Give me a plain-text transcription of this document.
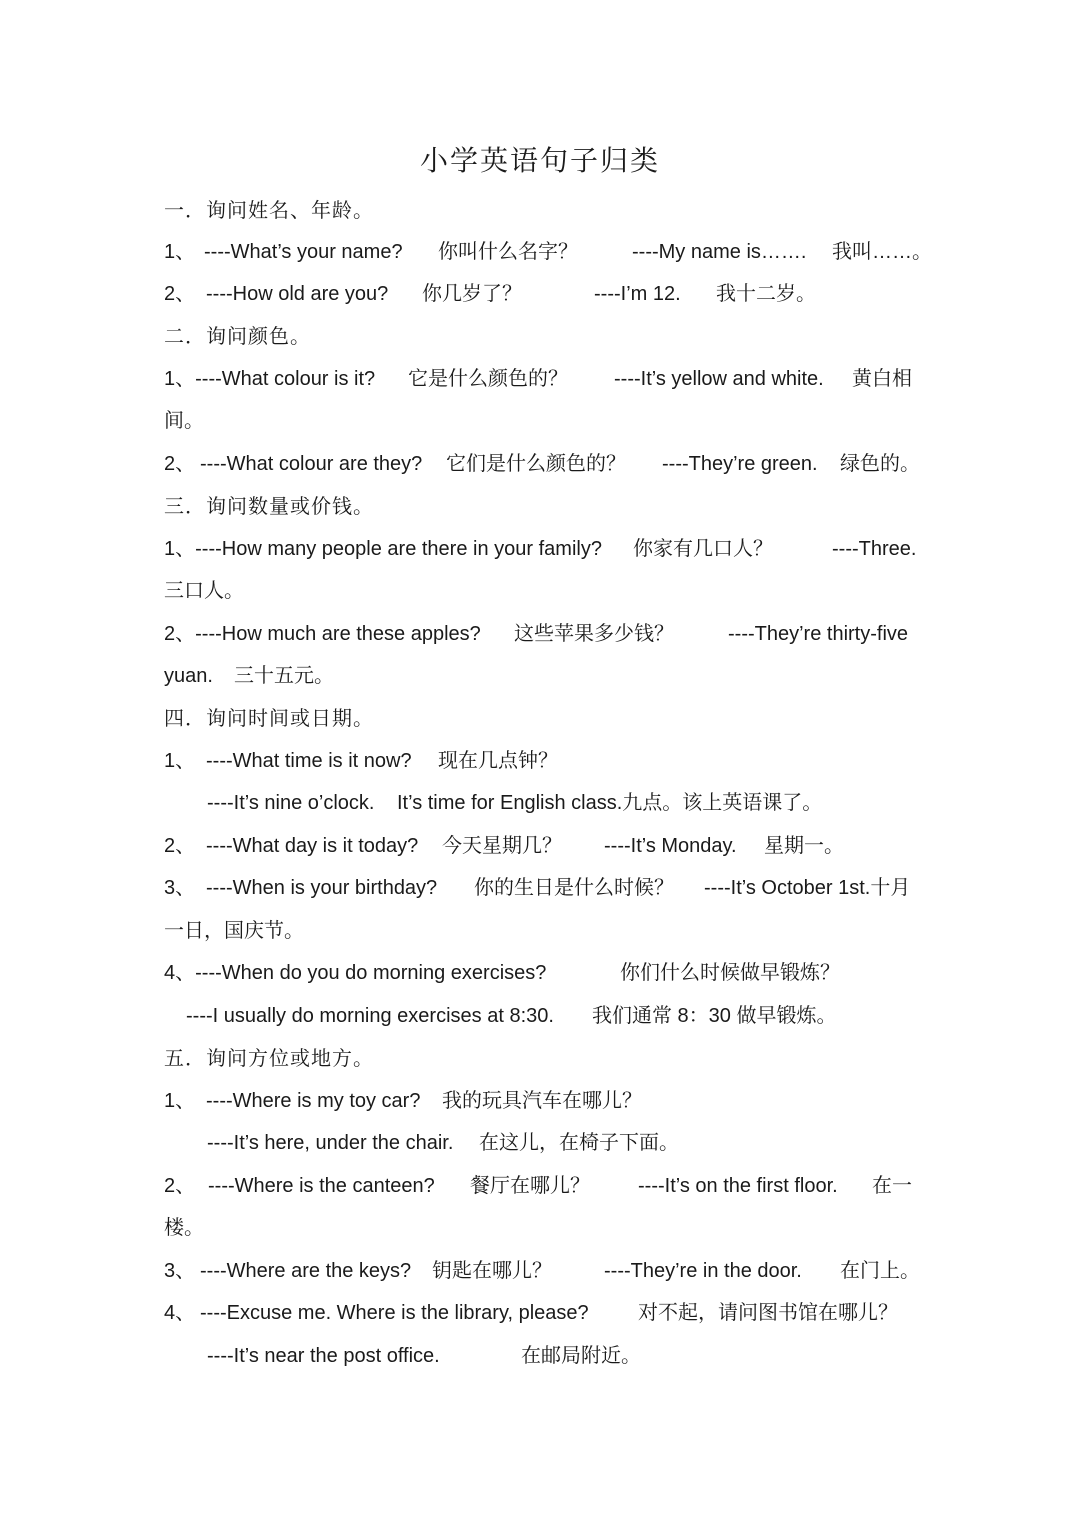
小学英语句子归类
一．询问姓名、年龄。
1、 ----What’s your name? 你叫什么名字？	----My name is……. 我叫……。
2、 ----How old are you? 你几岁了？	----I’m 12. 我十二岁。
二．询问颜色。
1、----What colour is it? 它是什么颜色的？ ----It’s yellow and white. 黄白相
间。
2、 ----What colour are they? 它们是什么颜色的？ ----They’re green. 绿色的。
三．询问数量或价钱。
1、----How many people are there in your family? 你家有几口人？	----Three.
三口人。
2、----How much are these apples? 这些苹果多少钱？	----They’re thirty-five
yuan. 三十五元。
四．询问时间或日期。
1、 ----What time is it now? 现在几点钟？
----It’s nine o’clock. It’s time for English class.九点。该上英语课了。
2、 ----What day is it today? 今天星期几？ ----It’s Monday. 星期一。
3、 ----When is your birthday? 你的生日是什么时候？ ----It’s October 1st.十月
一日，国庆节。
4、----When do you do morning exercises?	你们什么时候做早锻炼？
----I usually do morning exercises at 8:30. 我们通常 8：30 做早锻炼。
五．询问方位或地方。
1、 ----Where is my toy car? 我的玩具汽车在哪儿？
----It’s here, under the chair. 在这儿，在椅子下面。
2、 ----Where is the canteen? 餐厅在哪儿？ ----It’s on the first floor. 在一
楼。
3、 ----Where are the keys? 钥匙在哪儿？	----They’re in the door. 在门上。
4、 ----Excuse me. Where is the library, please? 对不起，请问图书馆在哪儿？
----It’s near the post office.	在邮局附近。
